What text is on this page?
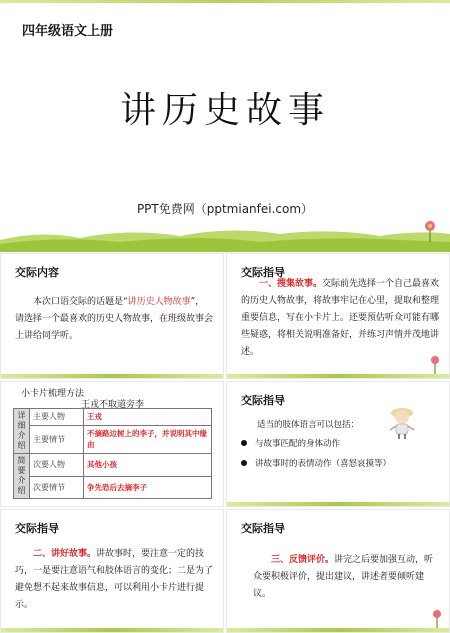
四年级语文上册
讲历史故事
PPT免费网（pptmianfei.com）
交际内容
本次口语交际的话题是“讲历史人物故事”，请选择一个最喜欢的历史人物故事，在班级故事会上讲给同学听。
交际指导
一、搜集故事。交际前先选择一个自己最喜欢的历史人物故事，将故事牢记在心里，提取和整理重要信息，写在小卡片上。还要预估听众可能有哪些疑惑，将相关说明准备好，并练习声情并茂地讲述。
小卡片梳理方法
王戎不取道旁李
详细介绍	主要人物	王戎
	主要情节	不摘路边树上的李子，并说明其中缘由
简要介绍	次要人物	其他小孩
	次要情节	争先恐后去摘李子
交际指导
适当的肢体语言可以包括：
与故事匹配的身体动作
讲故事时的表情动作（喜怒哀摸等）
交际指导
二、讲好故事。讲故事时，要注意一定的技巧，一是要注意语气和肢体语言的变化；二是为了避免想不起来故事信息，可以利用小卡片进行提示。
交际指导
三、反馈评价。讲完之后要加强互动，听众要积极评价，提出建议，讲述者要倾听建议。
